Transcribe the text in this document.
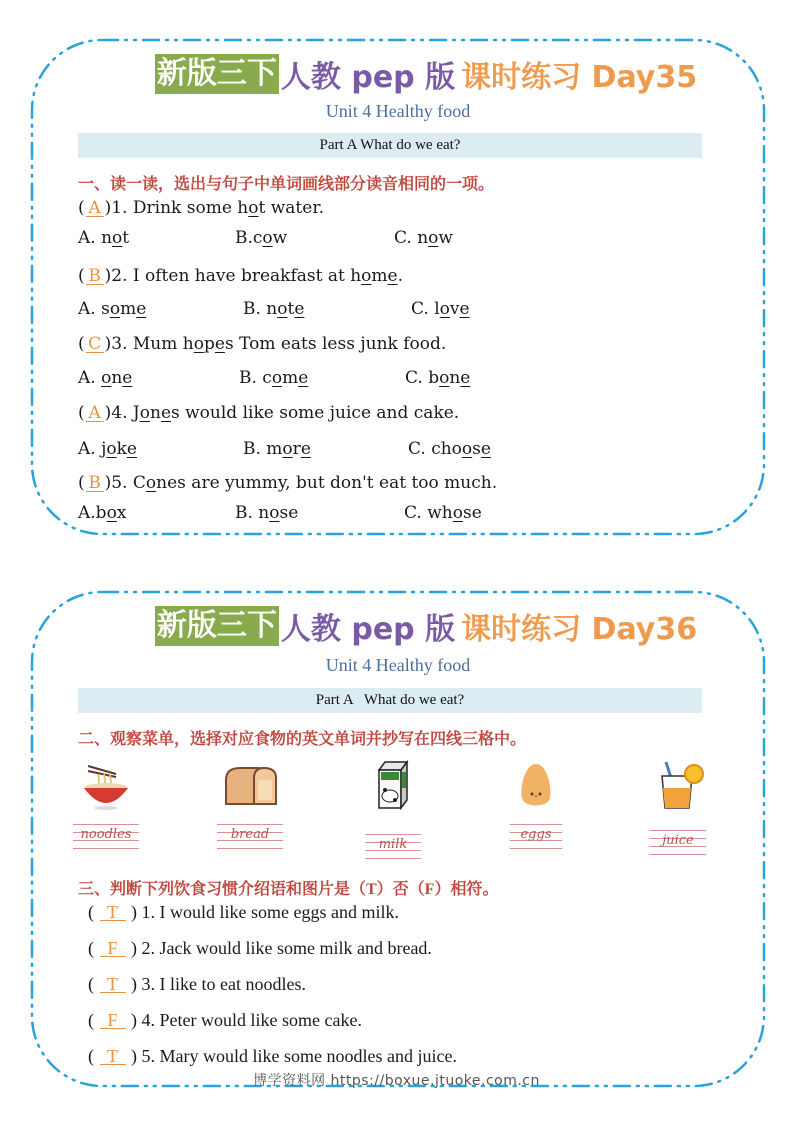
新版三下 人教 pep 版 课时练习 Day35
Unit 4 Healthy food
Part A What do we eat?
一、读一读，选出与句子中单词画线部分读音相同的一项。
( A )1. Drink some hot water.
A. not	B.cow	C. now
( B )2. I often have breakfast at home.
A. some	B. note	C. love
( C )3. Mum hopes Tom eats less junk food.
A. one	B. come	C. bone
( A )4. Jones would like some juice and cake.
A. joke	B. more	C. choose
( B )5. Cones are yummy, but don't eat too much.
A.box	B. nose	C. whose
新版三下 人教 pep 版 课时练习 Day36
Unit 4 Healthy food
Part A   What do we eat?
二、观察菜单，选择对应食物的英文单词并抄写在四线三格中。
noodles	bread
milk
eggs	juice
三、判断下列饮食习惯介绍语和图片是（T）否（F）相符。
( T ) 1. I would like some eggs and milk.
( F ) 2. Jack would like some milk and bread.
( T ) 3. I like to eat noodles.
( F ) 4. Peter would like some cake.
( T ) 5. Mary would like some noodles and juice.
博学资料网 https://boxue.jtuoke.com.cn
